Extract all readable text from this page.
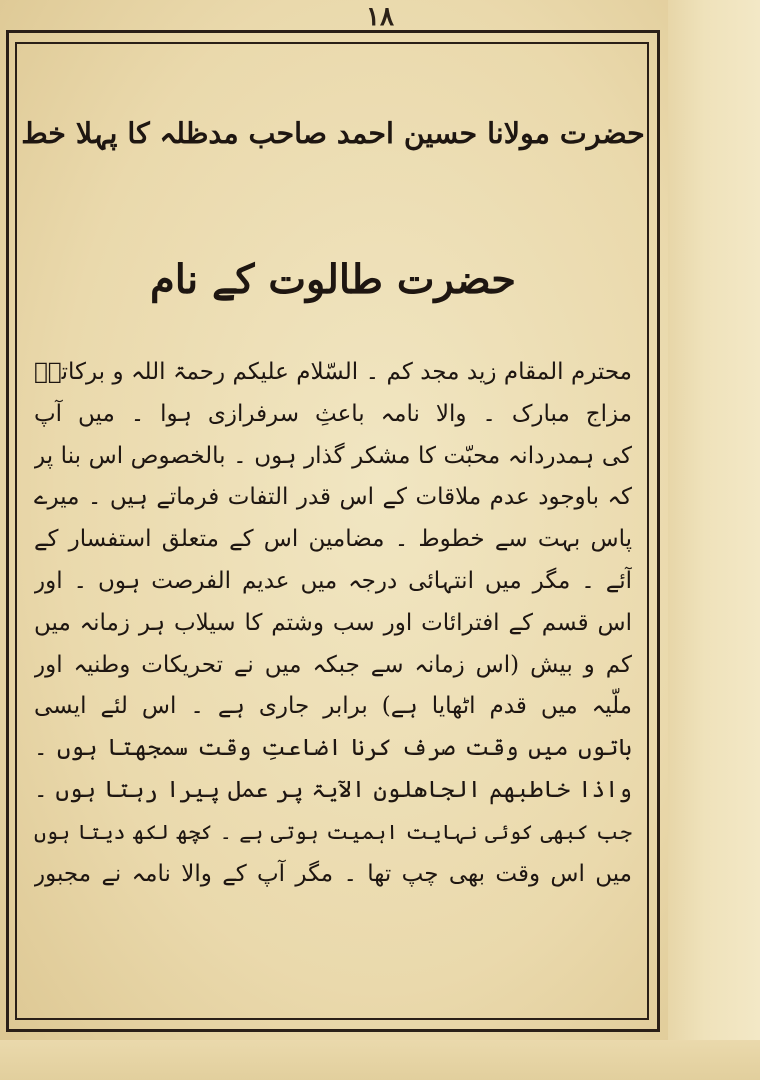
۱۸
حضرت مولانا حسین احمد صاحب مدظلہ کا پہلا خط
حضرت طالوت کے نام
محترم المقام زید مجد کم ۔ السّلام علیکم رحمۃ اللہ و برکاتہٗ
مزاج مبارک ۔ والا نامہ باعثِ سرفرازی ہوا ۔ میں آپ
کی ہمدردانہ محبّت کا مشکر گذار ہوں ۔ بالخصوص اس بنا پر
کہ باوجود عدم ملاقات کے اس قدر التفات فرماتے ہیں ۔ میرے
پاس بہت سے خطوط ۔ مضامین اس کے متعلق استفسار کے
آئے ۔ مگر میں انتہائی درجہ میں عدیم الفرصت ہوں ۔ اور
اس قسم کے افترائات اور سب وشتم کا سیلاب ہر زمانہ میں
کم و بیش (اس زمانہ سے جبکہ میں نے تحریکات وطنیہ اور
ملّیہ میں قدم اٹھایا ہے) برابر جاری ہے ۔ اس لئے ایسی
باتوں میں وقت صرف کرنا اضاعتِ وقت سمجھتا ہوں ۔
واذا خاطبھم الجاھلون الآیۃ پر عمل پیرا رہتا ہوں ۔
جب کبھی کوئی نہایت اہمیت ہوتی ہے ۔ کچھ لکھ دیتا ہوں
میں اس وقت بھی چپ تھا ۔ مگر آپ کے والا نامہ نے مجبور
